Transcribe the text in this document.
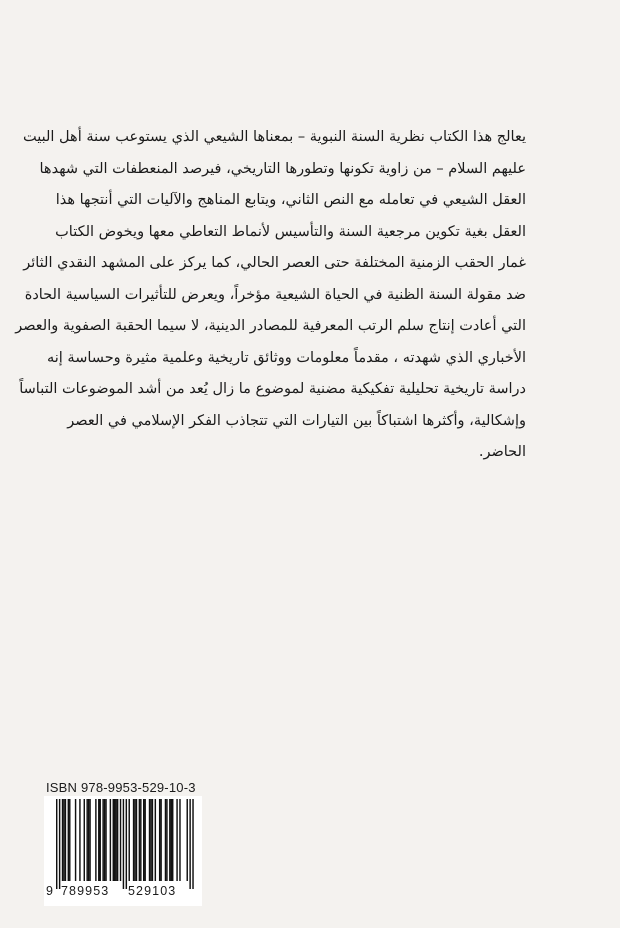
يعالج هذا الكتاب نظرية السنة النبوية – بمعناها الشيعي الذي يستوعب سنة أهل البيت
عليهم السلام – من زاوية تكونها وتطورها التاريخي، فيرصد المنعطفات التي شهدها
العقل الشيعي في تعامله مع النص الثاني، ويتابع المناهج والآليات التي أنتجها هذا
العقل بغية تكوين مرجعية السنة والتأسيس لأنماط التعاطي معها ويخوض الكتاب
غمار الحقب الزمنية المختلفة حتى العصر الحالي، كما يركز على المشهد النقدي الثائر
ضد مقولة السنة الظنية في الحياة الشيعية مؤخراً، ويعرض للتأثيرات السياسية الحادة
التي أعادت إنتاج سلم الرتب المعرفية للمصادر الدينية، لا سيما الحقبة الصفوية والعصر
الأخباري الذي شهدته ، مقدماً معلومات ووثائق تاريخية وعلمية مثيرة وحساسة إنه
دراسة تاريخية تحليلية تفكيكية مضنية لموضوع ما زال يُعد من أشد الموضوعات التباساً
وإشكالية، وأكثرها اشتباكاً بين التيارات التي تتجاذب الفكر الإسلامي في العصر
الحاضر.
ISBN 978-9953-529-10-3
9 789953 529103
